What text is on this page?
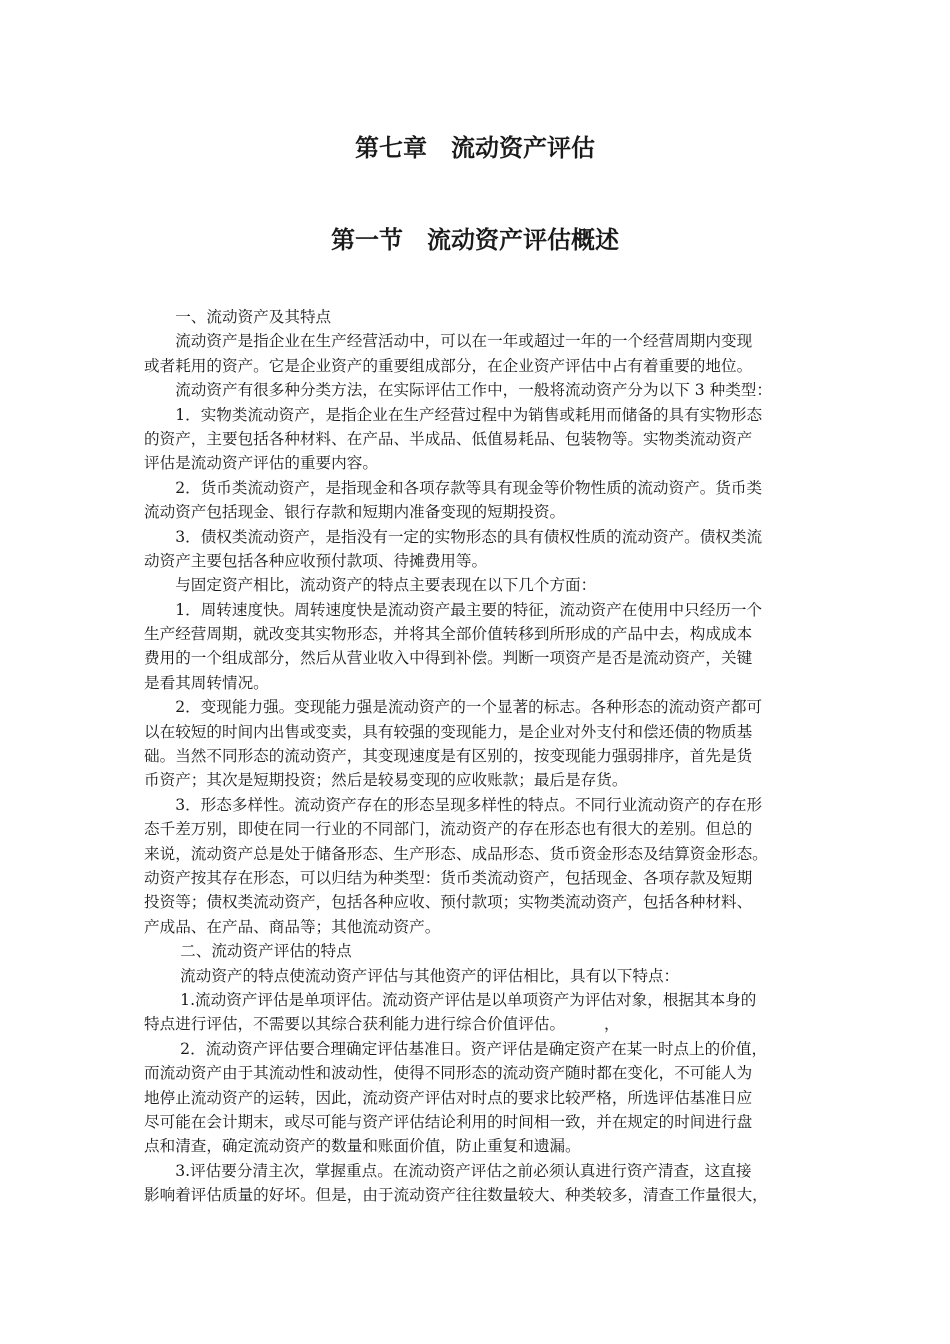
第七章　流动资产评估
第一节　流动资产评估概述

　　一、流动资产及其特点

　　流动资产是指企业在生产经营活动中，可以在一年或超过一年的一个经营周期内变现

或者耗用的资产。它是企业资产的重要组成部分，在企业资产评估中占有着重要的地位。

　　流动资产有很多种分类方法，在实际评估工作中，一般将流动资产分为以下 3 种类型：

　　1．实物类流动资产，是指企业在生产经营过程中为销售或耗用而储备的具有实物形态

的资产，主要包括各种材料、在产品、半成品、低值易耗品、包装物等。实物类流动资产

评估是流动资产评估的重要内容。

　　2．货币类流动资产，是指现金和各项存款等具有现金等价物性质的流动资产。货币类

流动资产包括现金、银行存款和短期内准备变现的短期投资。

　　3．债权类流动资产，是指没有一定的实物形态的具有债权性质的流动资产。债权类流

动资产主要包括各种应收预付款项、待摊费用等。

　　与固定资产相比，流动资产的特点主要表现在以下几个方面：

　　1．周转速度快。周转速度快是流动资产最主要的特征，流动资产在使用中只经历一个

生产经营周期，就改变其实物形态，并将其全部价值转移到所形成的产品中去，构成成本

费用的一个组成部分，然后从营业收入中得到补偿。判断一项资产是否是流动资产，关键

是看其周转情况。

　　2．变现能力强。变现能力强是流动资产的一个显著的标志。各种形态的流动资产都可

以在较短的时间内出售或变卖，具有较强的变现能力，是企业对外支付和偿还债的物质基

础。当然不同形态的流动资产，其变现速度是有区别的，按变现能力强弱排序，首先是货

币资产；其次是短期投资；然后是较易变现的应收账款；最后是存货。

　　3．形态多样性。流动资产存在的形态呈现多样性的特点。不同行业流动资产的存在形

态千差万别，即使在同一行业的不同部门，流动资产的存在形态也有很大的差别。但总的

来说，流动资产总是处于储备形态、生产形态、成品形态、货币资金形态及结算资金形态。

动资产按其存在形态，可以归结为种类型：货币类流动资产，包括现金、各项存款及短期

投资等；债权类流动资产，包括各种应收、预付款项；实物类流动资产，包括各种材料、

产成品、在产品、商品等；其他流动资产。

　　 二、流动资产评估的特点

　　 流动资产的特点使流动资产评估与其他资产的评估相比，具有以下特点：

　　 1.流动资产评估是单项评估。流动资产评估是以单项资产为评估对象，根据其本身的

特点进行评估，不需要以其综合获利能力进行综合价值评估。　　　，

　　 2．流动资产评估要合理确定评估基准日。资产评估是确定资产在某一时点上的价值，

而流动资产由于其流动性和波动性，使得不同形态的流动资产随时都在变化，不可能人为

地停止流动资产的运转，因此，流动资产评估对时点的要求比较严格，所选评估基准日应

尽可能在会计期末，或尽可能与资产评估结论利用的时间相一致，并在规定的时间进行盘

点和清查，确定流动资产的数量和账面价值，防止重复和遗漏。

　　3.评估要分清主次，掌握重点。在流动资产评估之前必须认真进行资产清查，这直接

影响着评估质量的好坏。但是，由于流动资产往往数量较大、种类较多，清查工作量很大，
